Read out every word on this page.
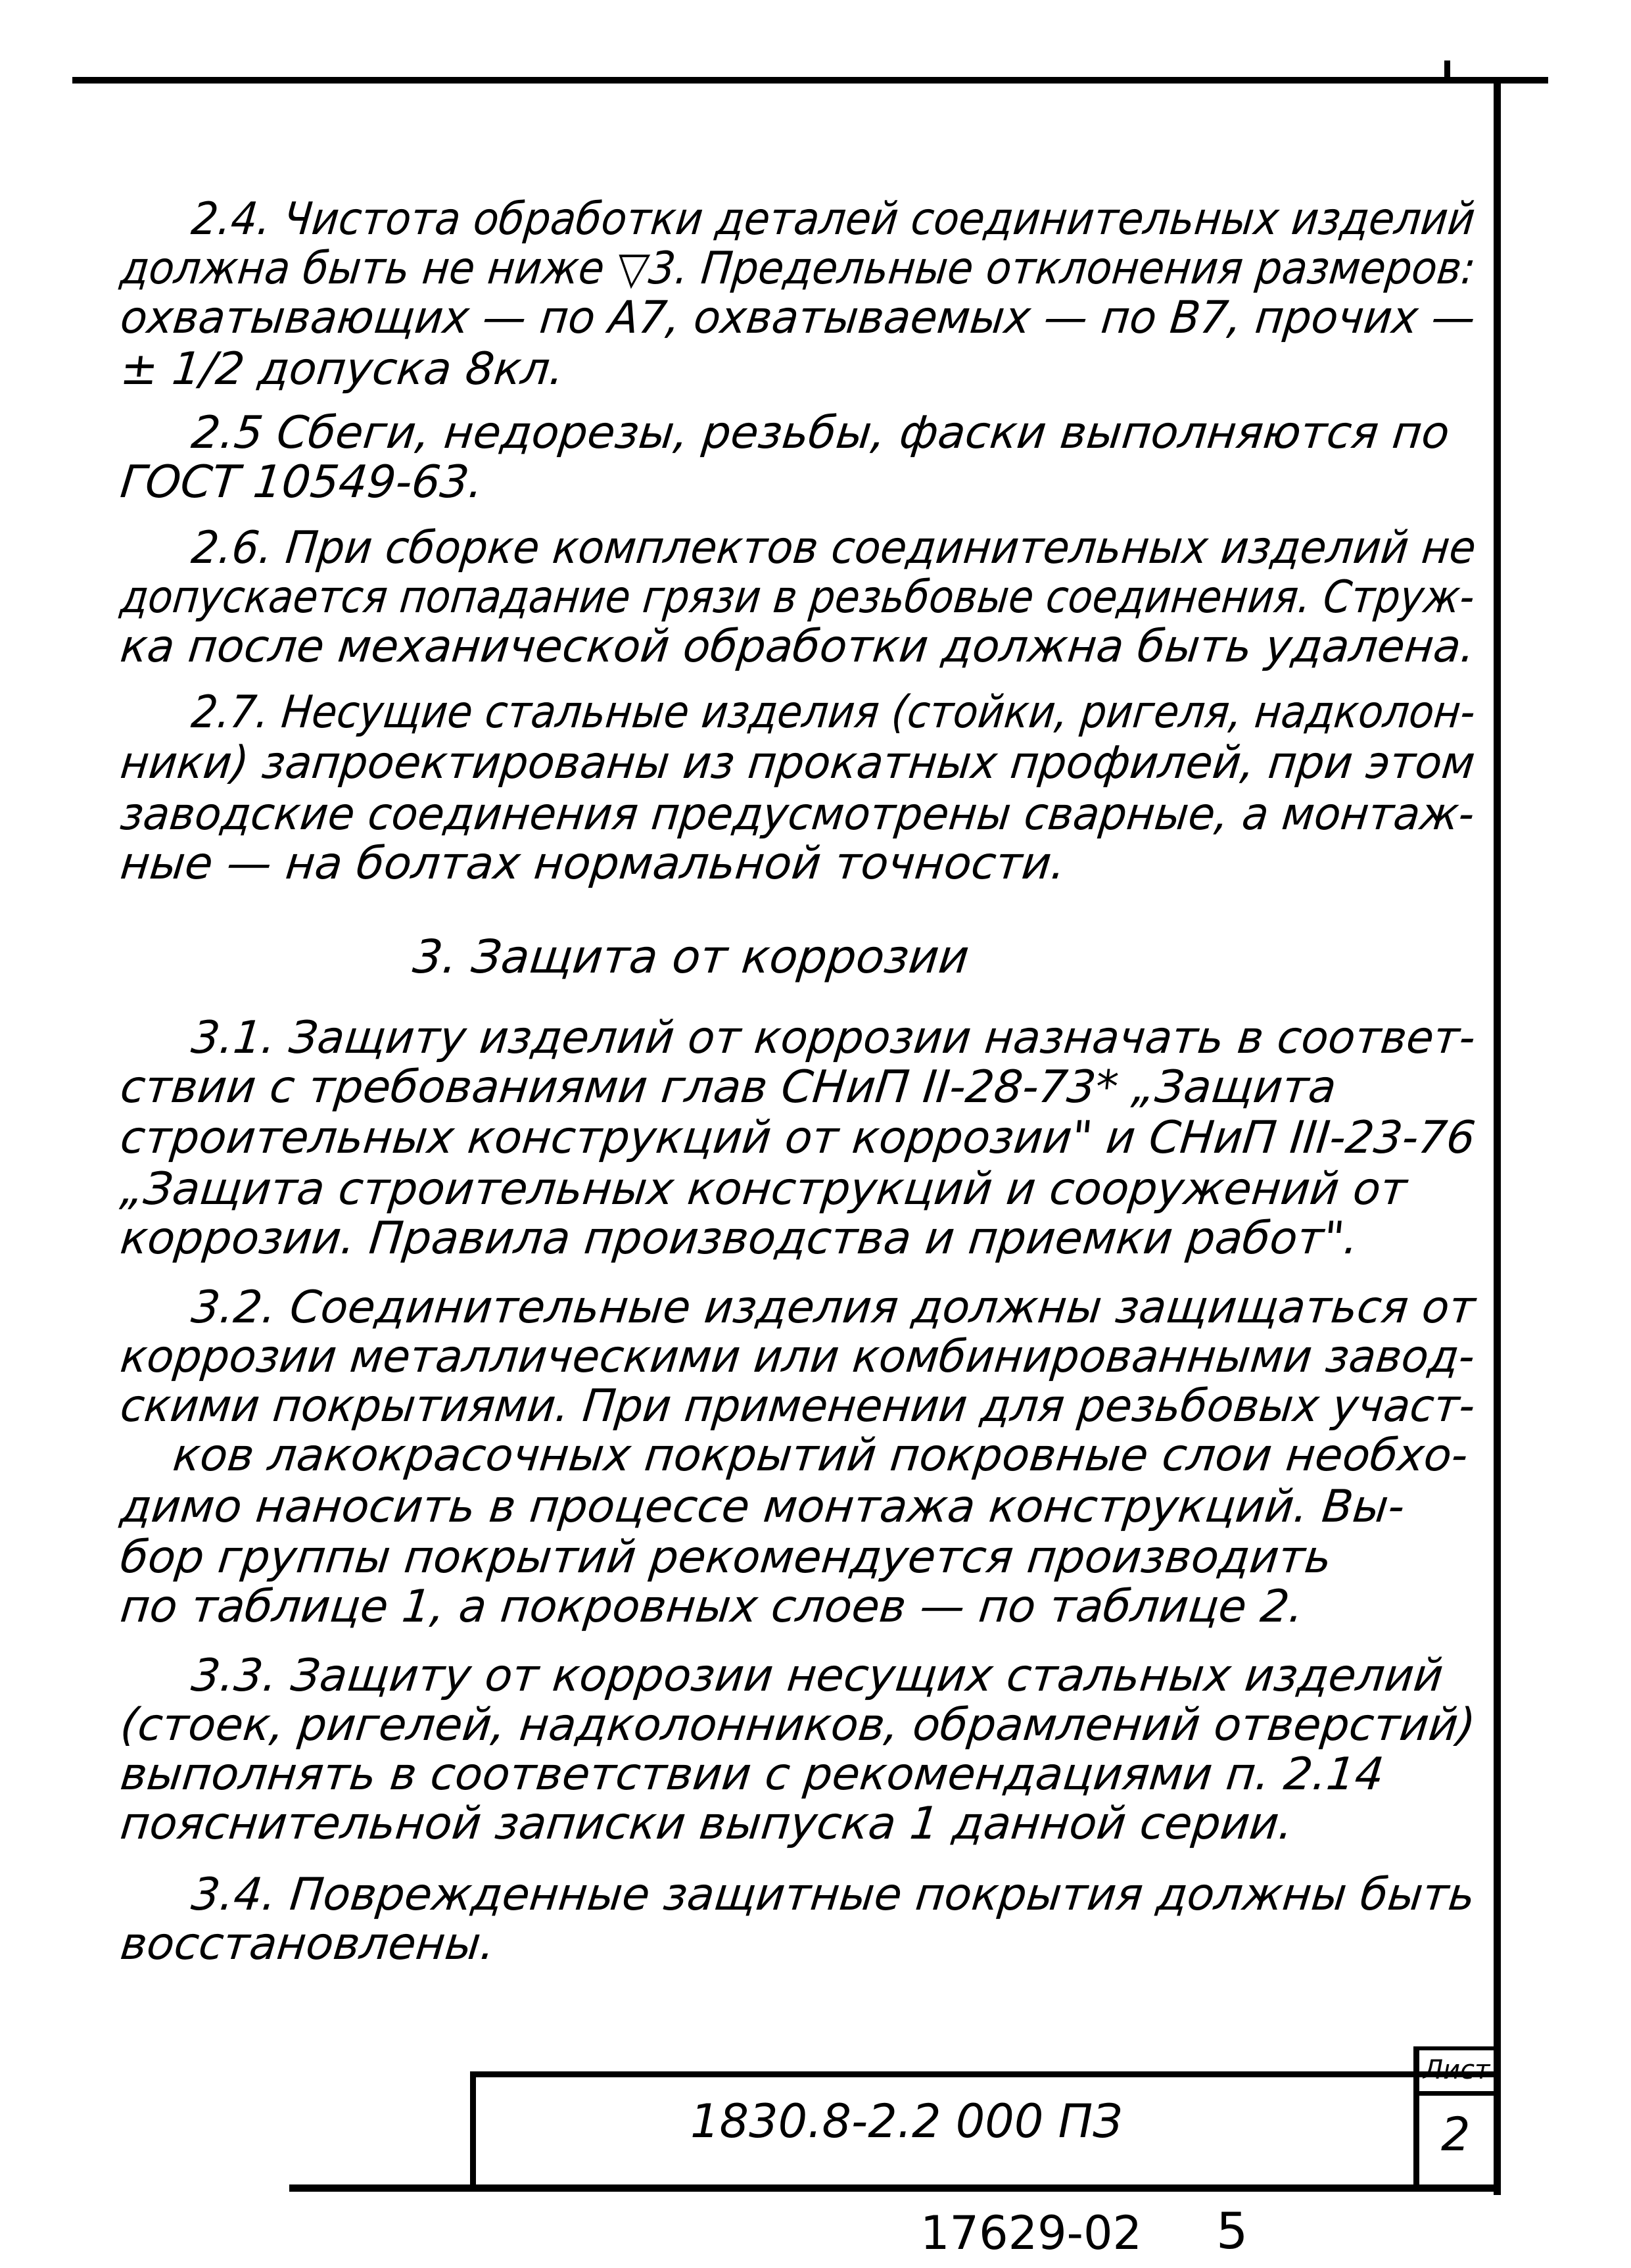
2.4. Чистота обработки деталей соединительных изделий
должна быть не ниже ▽3. Предельные отклонения размеров:
охватывающих — по А7, охватываемых — по В7, прочих —
± 1/2 допуска 8кл.
2.5 Сбеги, недорезы, резьбы, фаски выполняются по
ГОСТ 10549-63.
2.6. При сборке комплектов соединительных изделий не
допускается попадание грязи в резьбовые соединения. Струж-
ка после механической обработки должна быть удалена.
2.7. Несущие стальные изделия (стойки, ригеля, надколон-
ники) запроектированы из прокатных профилей, при этом
заводские соединения предусмотрены сварные, а монтаж-
ные — на болтах нормальной точности.
3. Защита от коррозии
3.1. Защиту изделий от коррозии назначать в соответ-
ствии с требованиями глав СНиП II-28-73* „Защита
строительных конструкций от коррозии" и СНиП III-23-76
„Защита строительных конструкций и сооружений от
коррозии. Правила производства и приемки работ".
3.2. Соединительные изделия должны защищаться от
коррозии металлическими или комбинированными завод-
скими покрытиями. При применении для резьбовых участ-
ков лакокрасочных покрытий покровные слои необхо-
димо наносить в процессе монтажа конструкций. Вы-
бор группы покрытий рекомендуется производить
по таблице 1, а покровных слоев — по таблице 2.
3.3. Защиту от коррозии несущих стальных изделий
(стоек, ригелей, надколонников, обрамлений отверстий)
выполнять в соответствии с рекомендациями п. 2.14
пояснительной записки выпуска 1 данной серии.
3.4. Поврежденные защитные покрытия должны быть
восстановлены.
1830.8-2.2 000 ПЗ
Лист
2
17629-02 5
